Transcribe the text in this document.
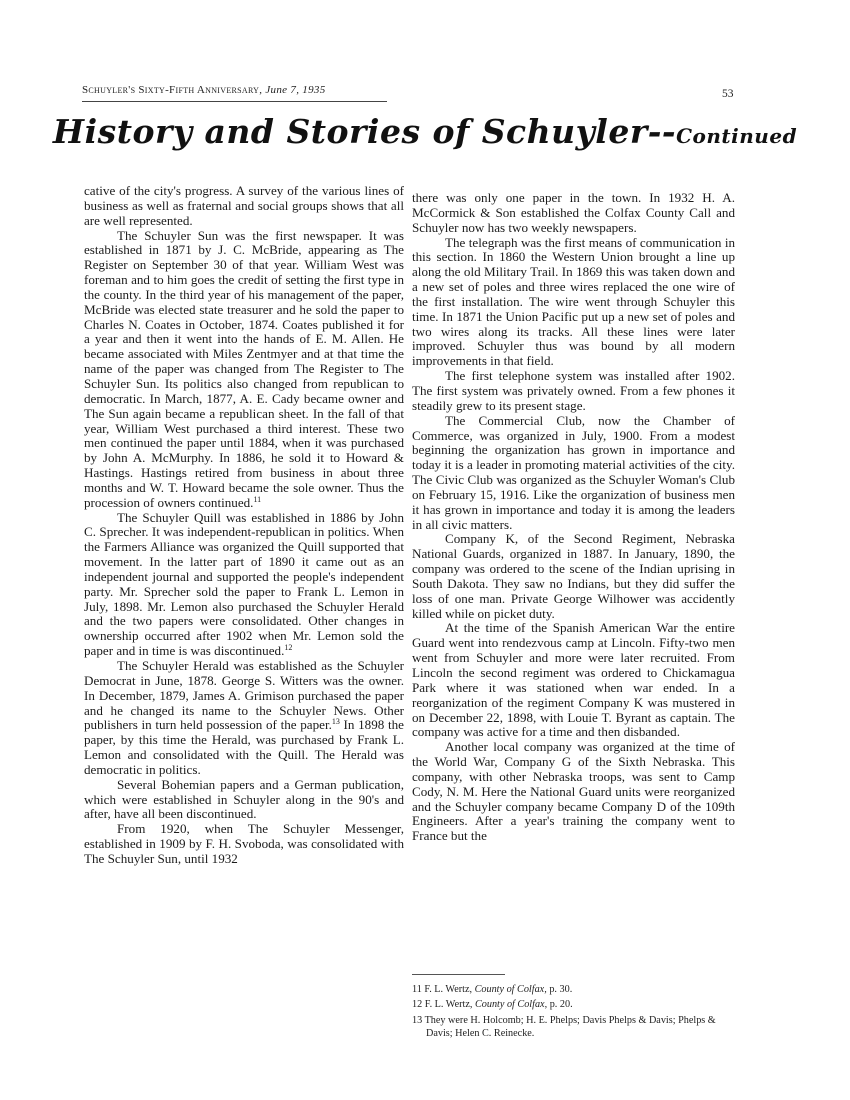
Schuyler's Sixty-Fifth Anniversary, June 7, 1935	53
History and Stories of Schuyler--Continued

cative of the city's progress. A survey of the various lines of business as well as fraternal and social groups shows that all are well represented.

The Schuyler Sun was the first newspaper. It was established in 1871 by J. C. McBride, appearing as The Register on September 30 of that year. William West was foreman and to him goes the credit of setting the first type in the county. In the third year of his management of the paper, McBride was elected state treasurer and he sold the paper to Charles N. Coates in October, 1874. Coates published it for a year and then it went into the hands of E. M. Allen. He became associated with Miles Zentmyer and at that time the name of the paper was changed from The Register to The Schuyler Sun. Its politics also changed from republican to democratic. In March, 1877, A. E. Cady became owner and The Sun again became a republican sheet. In the fall of that year, William West purchased a third interest. These two men continued the paper until 1884, when it was purchased by John A. McMurphy. In 1886, he sold it to Howard & Hastings. Hastings retired from business in about three months and W. T. Howard became the sole owner. Thus the procession of owners continued.$^{11}$

The Schuyler Quill was established in 1886 by John C. Sprecher. It was independent-republican in politics. When the Farmers Alliance was organized the Quill supported that movement. In the latter part of 1890 it came out as an independent journal and supported the people's independent party. Mr. Sprecher sold the paper to Frank L. Lemon in July, 1898. Mr. Lemon also purchased the Schuyler Herald and the two papers were consolidated. Other changes in ownership occurred after 1902 when Mr. Lemon sold the paper and in time is was discontinued.$^{12}$

The Schuyler Herald was established as the Schuyler Democrat in June, 1878. George S. Witters was the owner. In December, 1879, James A. Grimison purchased the paper and he changed its name to the Schuyler News. Other publishers in turn held possession of the paper.$^{13}$ In 1898 the paper, by this time the Herald, was purchased by Frank L. Lemon and consolidated with the Quill. The Herald was democratic in politics.

Several Bohemian papers and a German publication, which were established in Schuyler along in the 90's and after, have all been discontinued.

From 1920, when The Schuyler Messenger, established in 1909 by F. H. Svoboda, was consolidated with The Schuyler Sun, until 1932

there was only one paper in the town. In 1932 H. A. McCormick & Son established the Colfax County Call and Schuyler now has two weekly newspapers.

The telegraph was the first means of communication in this section. In 1860 the Western Union brought a line up along the old Military Trail. In 1869 this was taken down and a new set of poles and three wires replaced the one wire of the first installation. The wire went through Schuyler this time. In 1871 the Union Pacific put up a new set of poles and two wires along its tracks. All these lines were later improved. Schuyler thus was bound by all modern improvements in that field.

The first telephone system was installed after 1902. The first system was privately owned. From a few phones it steadily grew to its present stage.

The Commercial Club, now the Chamber of Commerce, was organized in July, 1900. From a modest beginning the organization has grown in importance and today it is a leader in promoting material activities of the city. The Civic Club was organized as the Schuyler Woman's Club on February 15, 1916. Like the organization of business men it has grown in importance and today it is among the leaders in all civic matters.

Company K, of the Second Regiment, Nebraska National Guards, organized in 1887. In January, 1890, the company was ordered to the scene of the Indian uprising in South Dakota. They saw no Indians, but they did suffer the loss of one man. Private George Wilhower was accidently killed while on picket duty.

At the time of the Spanish American War the entire Guard went into rendezvous camp at Lincoln. Fifty-two men went from Schuyler and more were later recruited. From Lincoln the second regiment was ordered to Chickamagua Park where it was stationed when war ended. In a reorganization of the regiment Company K was mustered in on December 22, 1898, with Louie T. Byrant as captain. The company was active for a time and then disbanded.

Another local company was organized at the time of the World War, Company G of the Sixth Nebraska. This company, with other Nebraska troops, was sent to Camp Cody, N. M. Here the National Guard units were reorganized and the Schuyler company became Company D of the 109th Engineers. After a year's training the company went to France but the

11 F. L. Wertz, County of Colfax, p. 30.

12 F. L. Wertz, County of Colfax, p. 20.

13 They were H. Holcomb; H. E. Phelps; Davis Phelps & Davis; Phelps & Davis; Helen C. Reinecke.
